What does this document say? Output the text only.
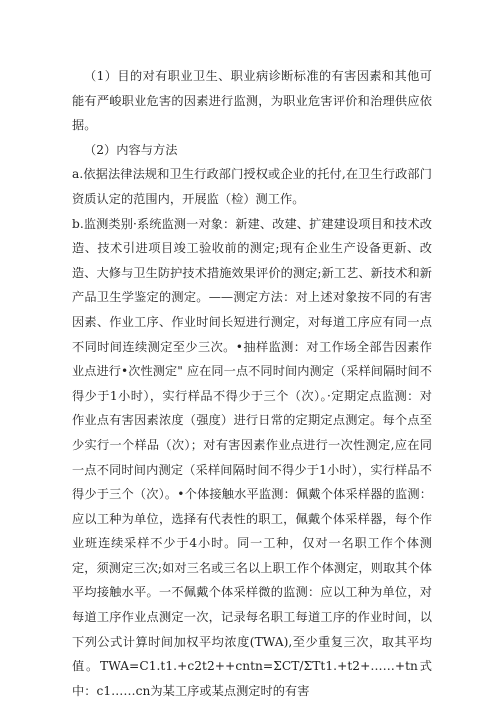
（1）目的对有职业卫生、职业病诊断标准的有害因素和其他可能有严峻职业危害的因素进行监测，为职业危害评价和治理供应依据。

（2）内容与方法

a.依据法律法规和卫生行政部门授权或企业的托付,在卫生行政部门资质认定的范围内，开展监（检）测工作。

b.监测类别·系统监测一对象：新建、改建、扩建建设项目和技术改造、技术引进项目竣工验收前的测定;现有企业生产设备更新、改造、大修与卫生防护技术措施效果评价的测定;新工艺、新技术和新产品卫生学鉴定的测定。——测定方法：对上述对象按不同的有害因素、作业工序、作业时间长短进行测定，对每道工序应有同一点不同时间连续测定至少三次。•抽样监测：对工作场全部告因素作业点进行•次性测定" 应在同一点不同时间内测定（采样间隔时间不得少于1小时），实行样品不得少于三个（次）。·定期定点监测：对作业点有害因素浓度（强度）进行日常的定期定点测定。每个点至少实行一个样品（次）；对有害因素作业点进行一次性测定,应在同一点不同时间内测定（采样间隔时间不得少于1小时），实行样品不得少于三个（次）。•个体接触水平监测：佩戴个体采样器的监测：应以工种为单位，选择有代表性的职工，佩戴个体采样器，每个作业班连续采样不少于4小时。同一工种，仅对一名职工作个体测定，须测定三次;如对三名或三名以上职工作个体测定，则取其个体平均接触水平。一不佩戴个体采样微的监测：应以工种为单位，对每道工序作业点测定一次，记录每名职工每道工序的作业时间，以下列公式计算时间加权平均浓度(TWA),至少重复三次，取其平均值。TWA=C1.t1.+c2t2++cntn=ΣCT/ΣTt1.+t2+……+tn式中：c1……cn为某工序或某点测定时的有害
